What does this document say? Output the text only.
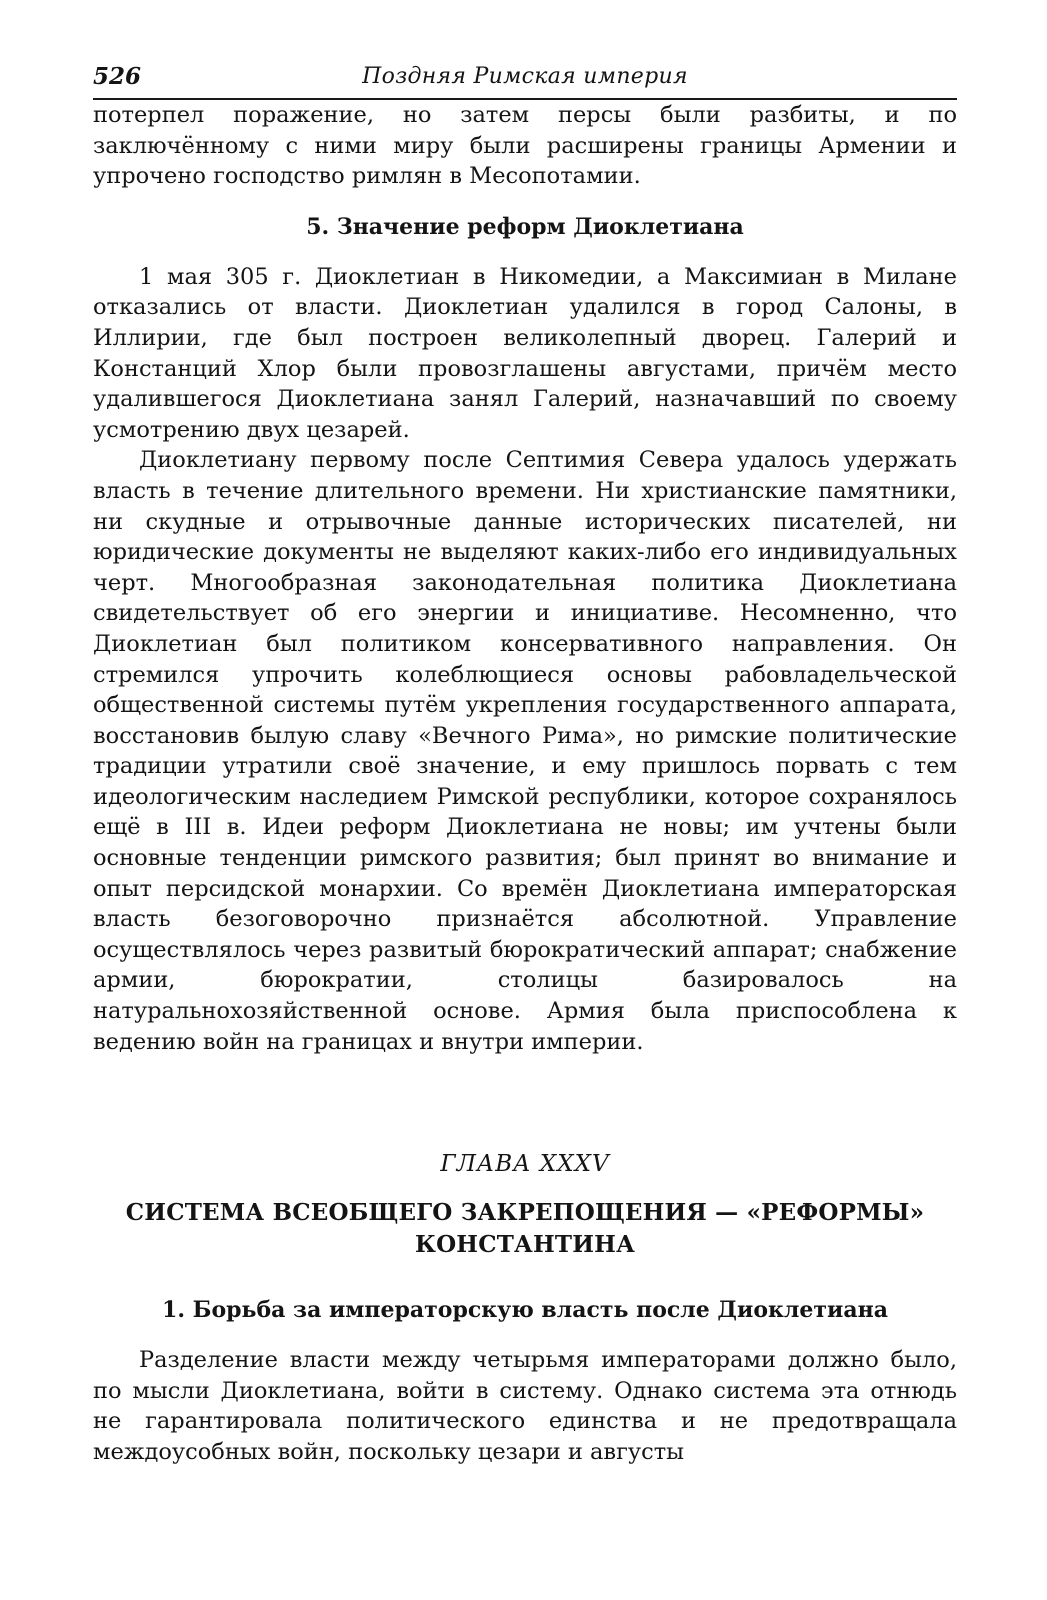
526	Поздняя Римская империя

потерпел поражение, но затем персы были разбиты, и по заключённому с ними миру были расширены границы Армении и упрочено господство римлян в Месопотамии.

5. Значение реформ Диоклетиана

1 мая 305 г. Диоклетиан в Никомедии, а Максимиан в Милане отказались от власти. Диоклетиан удалился в город Салоны, в Иллирии, где был построен великолепный дворец. Галерий и Констанций Хлор были провозглашены августами, причём место удалившегося Диоклетиана занял Галерий, назначавший по своему усмотрению двух цезарей.

Диоклетиану первому после Септимия Севера удалось удержать власть в течение длительного времени. Ни христианские памятники, ни скудные и отрывочные данные исторических писателей, ни юридические документы не выделяют каких-либо его индивидуальных черт. Многообразная законодательная политика Диоклетиана свидетельствует об его энергии и инициативе. Несомненно, что Диоклетиан был политиком консервативного направления. Он стремился упрочить колеблющиеся основы рабовладельческой общественной системы путём укрепления государственного аппарата, восстановив былую славу «Вечного Рима», но римские политические традиции утратили своё значение, и ему пришлось порвать с тем идеологическим наследием Римской республики, которое сохранялось ещё в III в. Идеи реформ Диоклетиана не новы; им учтены были основные тенденции римского развития; был принят во внимание и опыт персидской монархии. Со времён Диоклетиана императорская власть безоговорочно признаётся абсолютной. Управление осуществлялось через развитый бюрократический аппарат; снабжение армии, бюрократии, столицы базировалось на натуральнохозяйственной основе. Армия была приспособлена к ведению войн на границах и внутри империи.

ГЛАВА XXXV
СИСТЕМА ВСЕОБЩЕГО ЗАКРЕПОЩЕНИЯ — «РЕФОРМЫ»
КОНСТАНТИНА
1. Борьба за императорскую власть после Диоклетиана

Разделение власти между четырьмя императорами должно было, по мысли Диоклетиана, войти в систему. Однако система эта отнюдь не гарантировала политического единства и не предотвращала междоусобных войн, поскольку цезари и августы
